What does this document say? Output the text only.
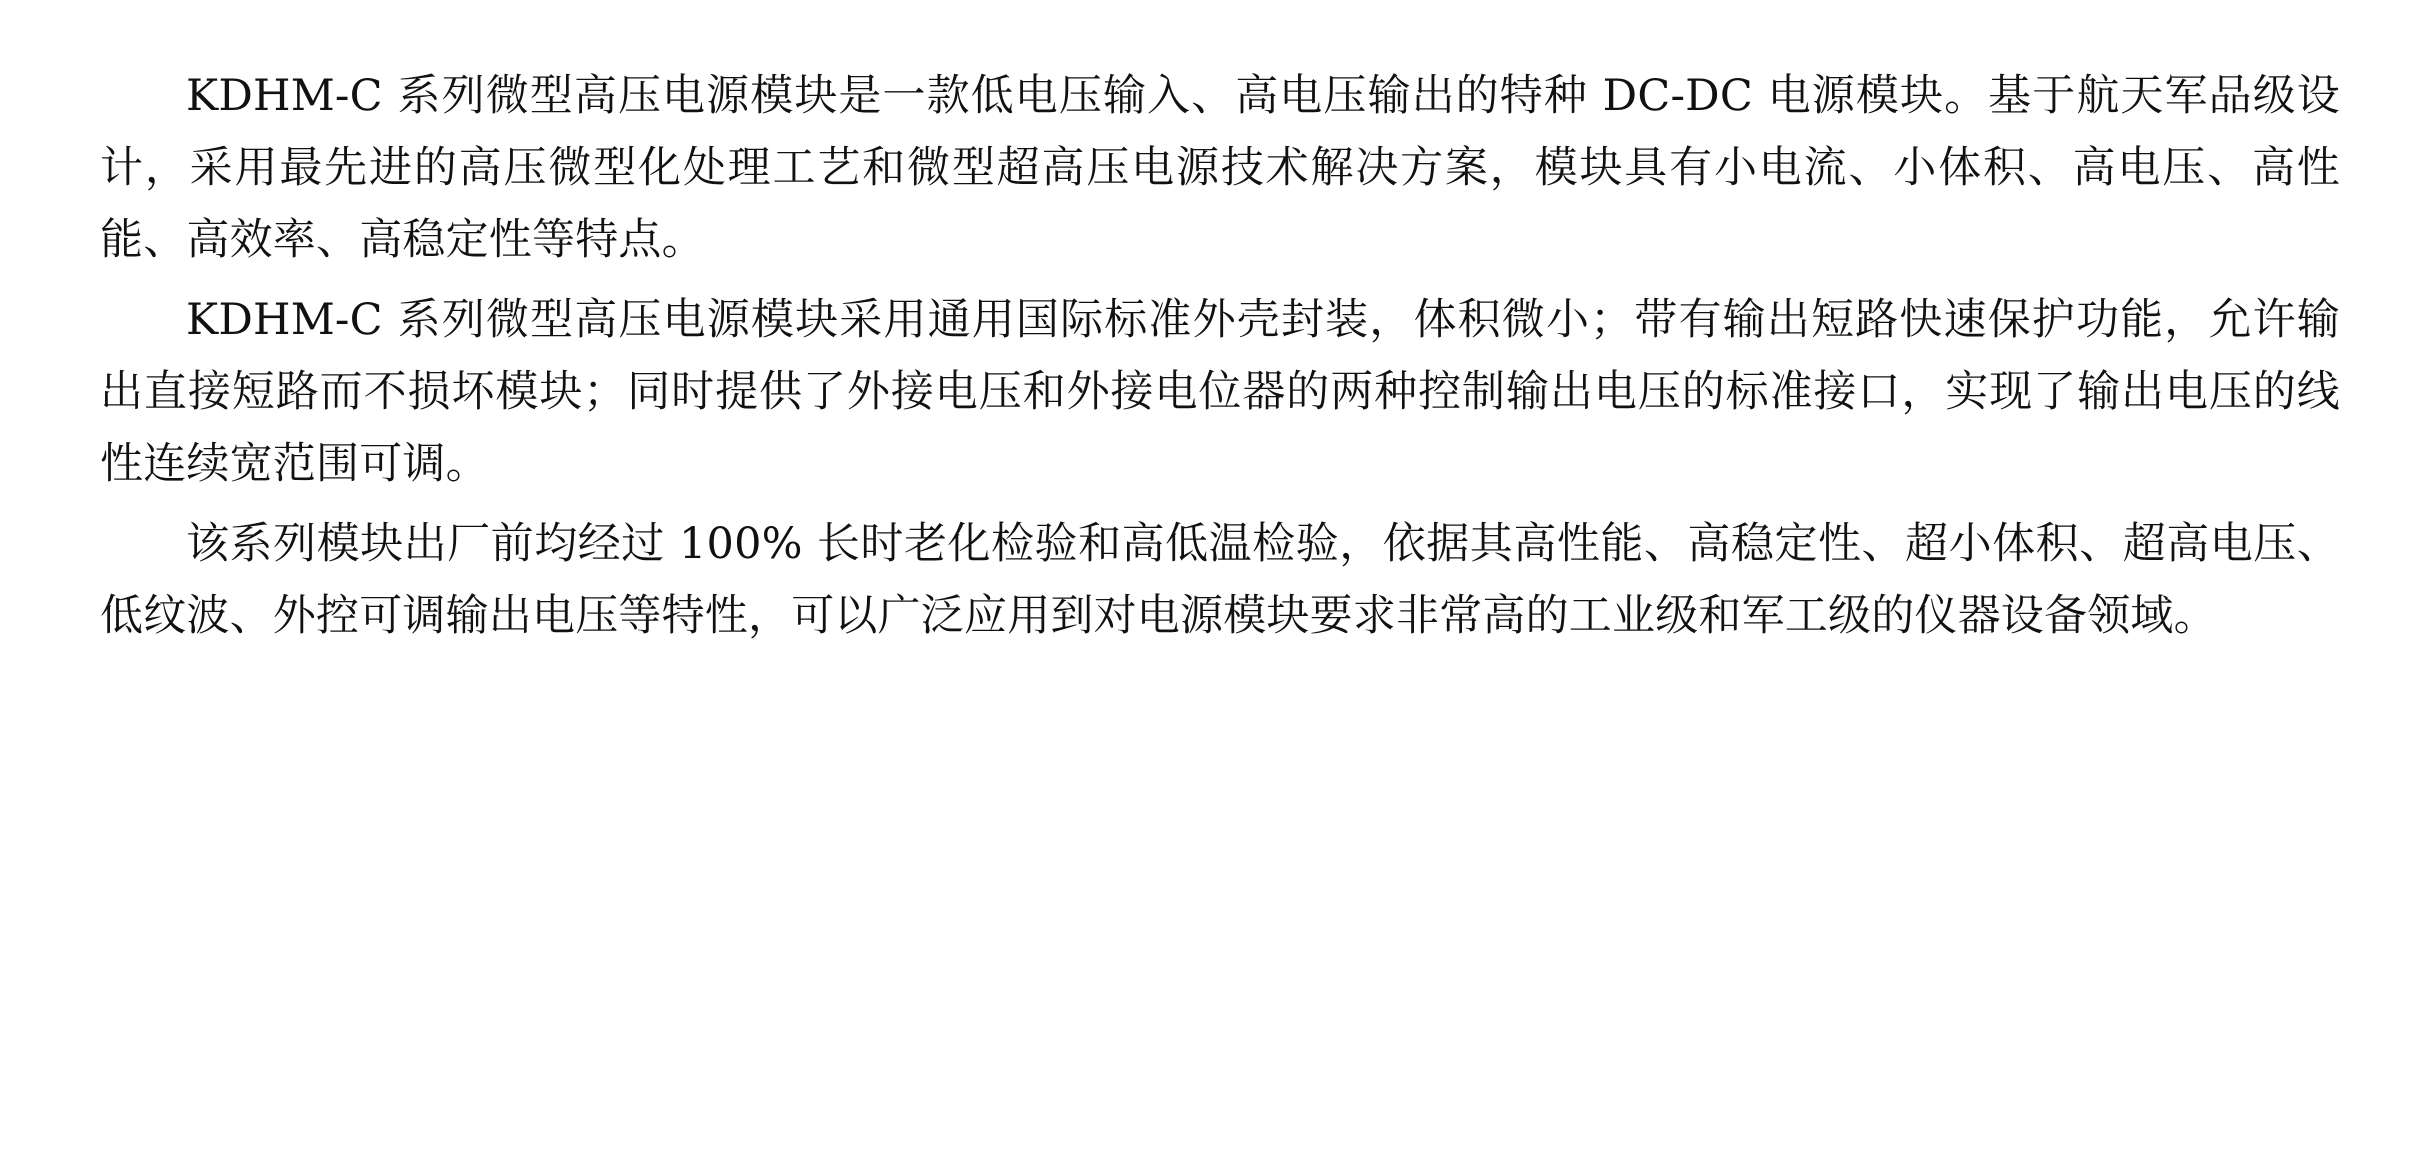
KDHM-C 系列微型高压电源模块是一款低电压输入、高电压输出的特种 DC-DC 电源模块。基于航天军品级设计，采用最先进的高压微型化处理工艺和微型超高压电源技术解决方案，模块具有小电流、小体积、高电压、高性能、高效率、高稳定性等特点。

KDHM-C 系列微型高压电源模块采用通用国际标准外壳封装，体积微小；带有输出短路快速保护功能，允许输出直接短路而不损坏模块；同时提供了外接电压和外接电位器的两种控制输出电压的标准接口，实现了输出电压的线性连续宽范围可调。

该系列模块出厂前均经过 100% 长时老化检验和高低温检验，依据其高性能、高稳定性、超小体积、超高电压、低纹波、外控可调输出电压等特性，可以广泛应用到对电源模块要求非常高的工业级和军工级的仪器设备领域。
